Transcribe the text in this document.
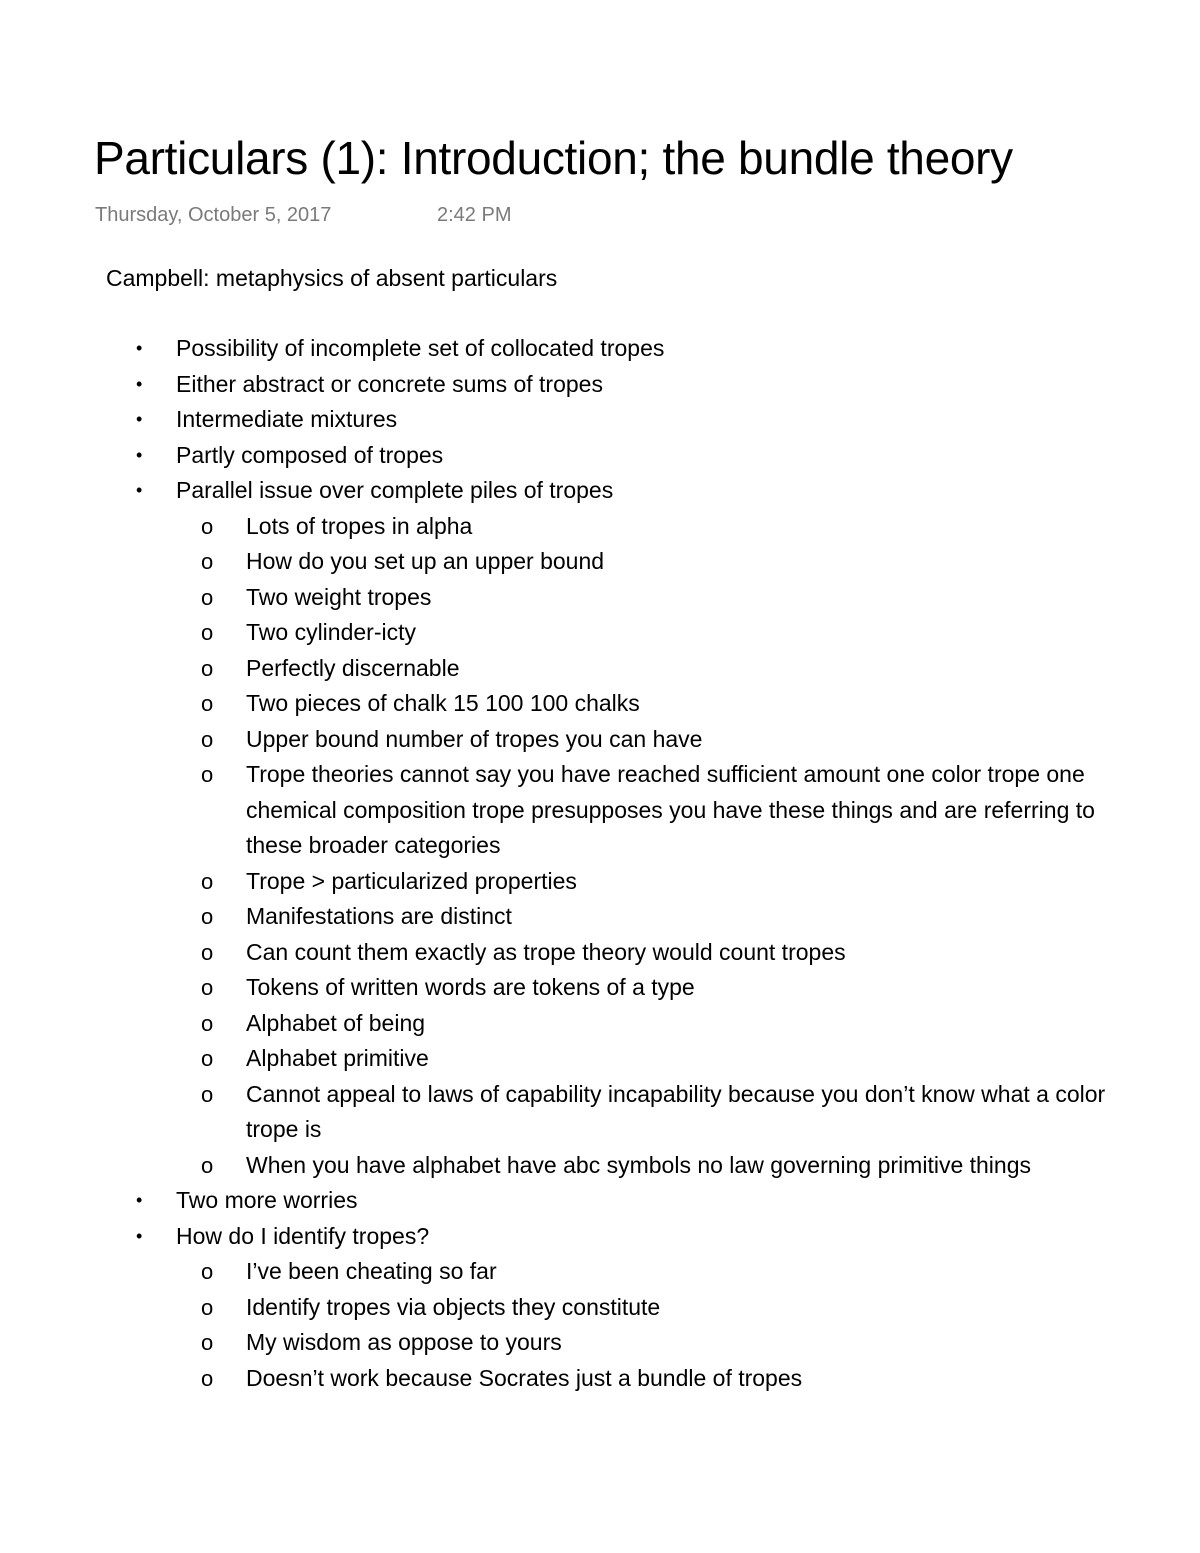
Particulars (1): Introduction; the bundle theory
Thursday, October 5, 2017	2:42 PM
Campbell: metaphysics of absent particulars
• Possibility of incomplete set of collocated tropes
• Either abstract or concrete sums of tropes
• Intermediate mixtures
• Partly composed of tropes
• Parallel issue over complete piles of tropes
o Lots of tropes in alpha
o How do you set up an upper bound
o Two weight tropes
o Two cylinder-icty
o Perfectly discernable
o Two pieces of chalk 15 100 100 chalks
o Upper bound number of tropes you can have
o Trope theories cannot say you have reached sufficient amount one color trope one chemical composition trope presupposes you have these things and are referring to these broader categories
o Trope > particularized properties
o Manifestations are distinct
o Can count them exactly as trope theory would count tropes
o Tokens of written words are tokens of a type
o Alphabet of being
o Alphabet primitive
o Cannot appeal to laws of capability incapability because you don’t know what a color trope is
o When you have alphabet have abc symbols no law governing primitive things
• Two more worries
• How do I identify tropes?
o I’ve been cheating so far
o Identify tropes via objects they constitute
o My wisdom as oppose to yours
o Doesn’t work because Socrates just a bundle of tropes
